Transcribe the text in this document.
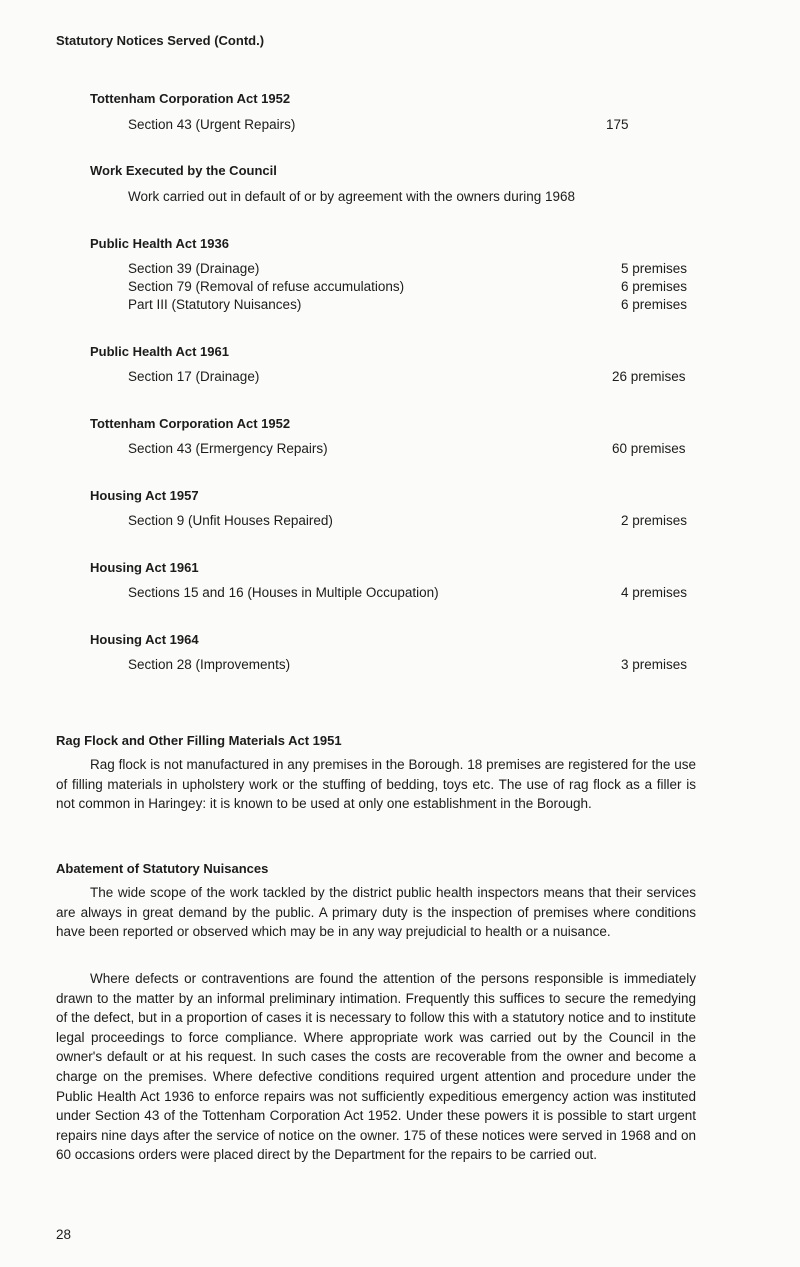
Statutory Notices Served (Contd.)
Tottenham Corporation Act 1952
Section 43 (Urgent Repairs)	175
Work Executed by the Council
Work carried out in default of or by agreement with the owners during 1968
Public Health Act 1936
Section 39 (Drainage)	5 premises
Section 79 (Removal of refuse accumulations)	6 premises
Part III (Statutory Nuisances)	6 premises
Public Health Act 1961
Section 17 (Drainage)	26 premises
Tottenham Corporation Act 1952
Section 43 (Ermergency Repairs)	60 premises
Housing Act 1957
Section 9 (Unfit Houses Repaired)	2 premises
Housing Act 1961
Sections 15 and 16 (Houses in Multiple Occupation)	4 premises
Housing Act 1964
Section 28 (Improvements)	3 premises
Rag Flock and Other Filling Materials Act 1951

Rag flock is not manufactured in any premises in the Borough. 18 premises are registered for the use of filling materials in upholstery work or the stuffing of bedding, toys etc. The use of rag flock as a filler is not common in Haringey: it is known to be used at only one establishment in the Borough.

Abatement of Statutory Nuisances

The wide scope of the work tackled by the district public health inspectors means that their services are always in great demand by the public. A primary duty is the inspection of premises where conditions have been reported or observed which may be in any way prejudicial to health or a nuisance.

Where defects or contraventions are found the attention of the persons responsible is immediately drawn to the matter by an informal preliminary intimation. Frequently this suffices to secure the remedying of the defect, but in a proportion of cases it is necessary to follow this with a statutory notice and to institute legal proceedings to force compliance. Where appropriate work was carried out by the Council in the owner's default or at his request. In such cases the costs are recoverable from the owner and become a charge on the premises. Where defective conditions required urgent attention and procedure under the Public Health Act 1936 to enforce repairs was not sufficiently expeditious emergency action was instituted under Section 43 of the Tottenham Corporation Act 1952. Under these powers it is possible to start urgent repairs nine days after the service of notice on the owner. 175 of these notices were served in 1968 and on 60 occasions orders were placed direct by the Department for the repairs to be carried out.

28
